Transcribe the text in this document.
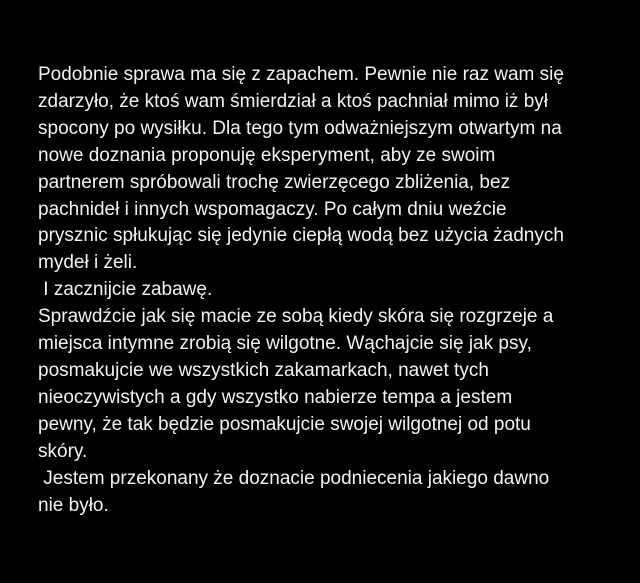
Podobnie sprawa ma się z zapachem. Pewnie nie raz wam się
zdarzyło, że ktoś wam śmierdział a ktoś pachniał mimo iż był
spocony po wysiłku. Dla tego tym odważniejszym otwartym na
nowe doznania proponuję eksperyment, aby ze swoim
partnerem spróbowali trochę zwierzęcego zbliżenia, bez
pachnideł i innych wspomagaczy. Po całym dniu weźcie
prysznic spłukując się jedynie ciepłą wodą bez użycia żadnych
mydeł i żeli.
I zacznijcie zabawę.
Sprawdźcie jak się macie ze sobą kiedy skóra się rozgrzeje a
miejsca intymne zrobią się wilgotne. Wąchajcie się jak psy,
posmakujcie we wszystkich zakamarkach, nawet tych
nieoczywistych a gdy wszystko nabierze tempa a jestem
pewny, że tak będzie posmakujcie swojej wilgotnej od potu
skóry.
Jestem przekonany że doznacie podniecenia jakiego dawno
nie było.
